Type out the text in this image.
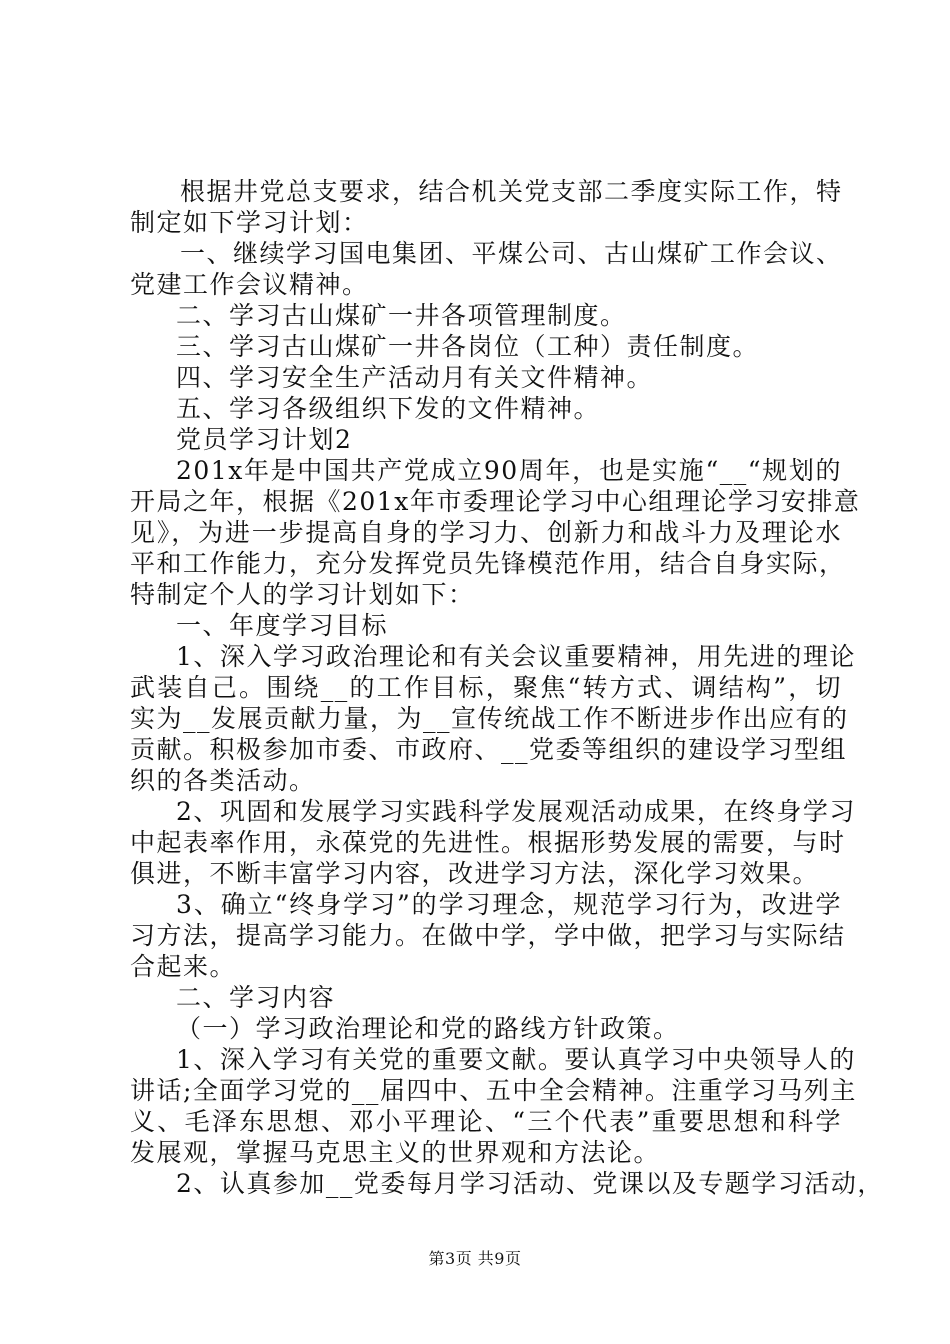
根据井党总支要求，结合机关党支部二季度实际工作，特
制定如下学习计划：
一、继续学习国电集团、平煤公司、古山煤矿工作会议、
党建工作会议精神。
二、学习古山煤矿一井各项管理制度。
三、学习古山煤矿一井各岗位（工种）责任制度。
四、学习安全生产活动月有关文件精神。
五、学习各级组织下发的文件精神。
党员学习计划2
201x年是中国共产党成立90周年，也是实施“__“规划的
开局之年，根据《201x年市委理论学习中心组理论学习安排意
见》，为进一步提高自身的学习力、创新力和战斗力及理论水
平和工作能力，充分发挥党员先锋模范作用，结合自身实际，
特制定个人的学习计划如下：
一、年度学习目标
1、深入学习政治理论和有关会议重要精神，用先进的理论
武装自己。围绕__的工作目标，聚焦“转方式、调结构”，切
实为__发展贡献力量，为__宣传统战工作不断进步作出应有的
贡献。积极参加市委、市政府、__党委等组织的建设学习型组
织的各类活动。
2、巩固和发展学习实践科学发展观活动成果，在终身学习
中起表率作用，永葆党的先进性。根据形势发展的需要，与时
俱进，不断丰富学习内容，改进学习方法，深化学习效果。
3、确立“终身学习”的学习理念，规范学习行为，改进学
习方法，提高学习能力。在做中学，学中做，把学习与实际结
合起来。
二、学习内容
（一）学习政治理论和党的路线方针政策。
1、深入学习有关党的重要文献。要认真学习中央领导人的
讲话;全面学习党的__届四中、五中全会精神。注重学习马列主
义、毛泽东思想、邓小平理论、“三个代表”重要思想和科学
发展观，掌握马克思主义的世界观和方法论。
2、认真参加__党委每月学习活动、党课以及专题学习活动，
第3页 共9页
